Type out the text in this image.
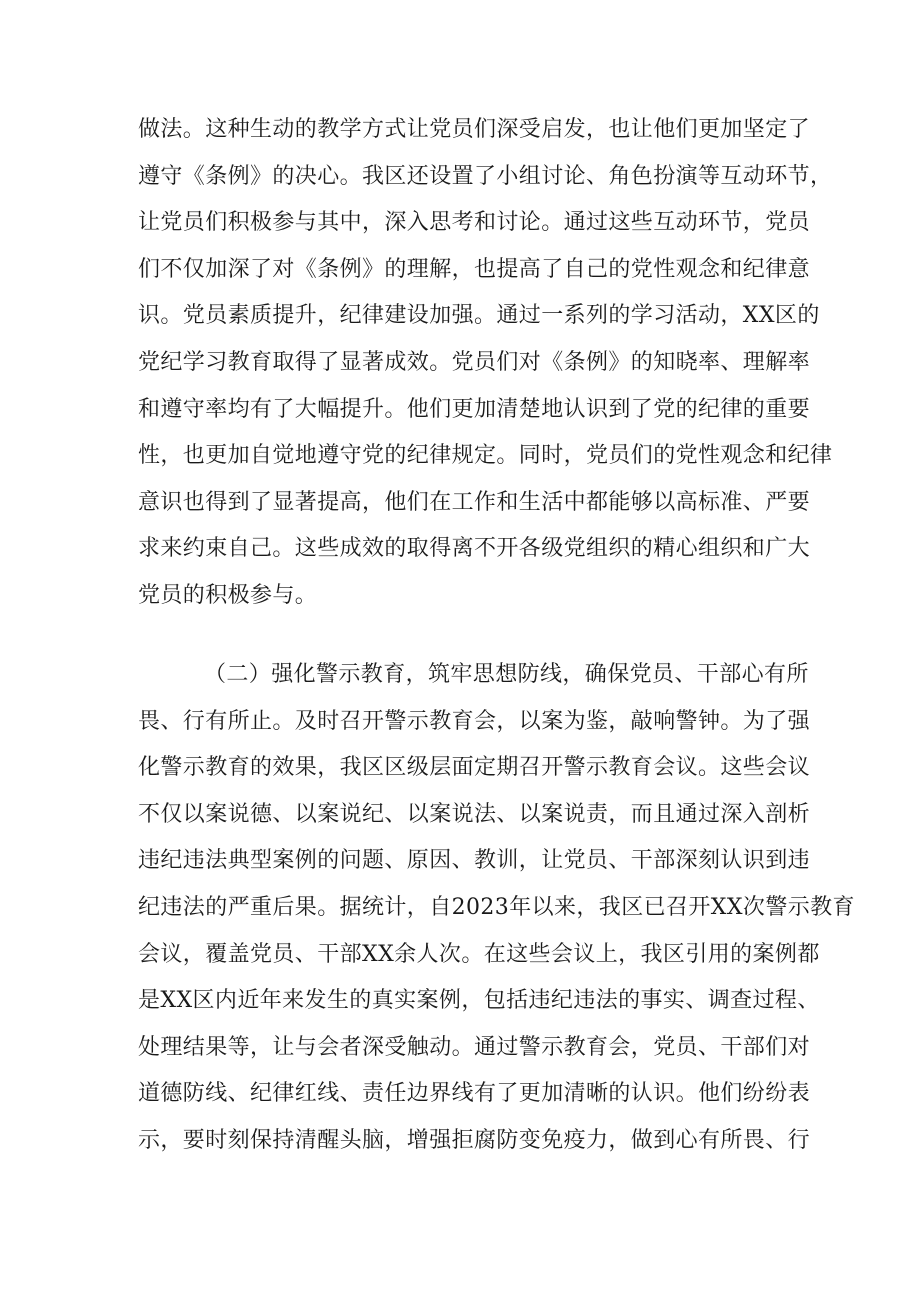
做法。这种生动的教学方式让党员们深受启发，也让他们更加坚定了
遵守《条例》的决心。我区还设置了小组讨论、角色扮演等互动环节，
让党员们积极参与其中，深入思考和讨论。通过这些互动环节，党员
们不仅加深了对《条例》的理解，也提高了自己的党性观念和纪律意
识。党员素质提升，纪律建设加强。通过一系列的学习活动，XX区的
党纪学习教育取得了显著成效。党员们对《条例》的知晓率、理解率
和遵守率均有了大幅提升。他们更加清楚地认识到了党的纪律的重要
性，也更加自觉地遵守党的纪律规定。同时，党员们的党性观念和纪律
意识也得到了显著提高，他们在工作和生活中都能够以高标准、严要
求来约束自己。这些成效的取得离不开各级党组织的精心组织和广大
党员的积极参与。
（二）强化警示教育，筑牢思想防线，确保党员、干部心有所
畏、行有所止。及时召开警示教育会，以案为鉴，敲响警钟。为了强
化警示教育的效果，我区区级层面定期召开警示教育会议。这些会议
不仅以案说德、以案说纪、以案说法、以案说责，而且通过深入剖析
违纪违法典型案例的问题、原因、教训，让党员、干部深刻认识到违
纪违法的严重后果。据统计，自2023年以来，我区已召开XX次警示教育
会议，覆盖党员、干部XX余人次。在这些会议上，我区引用的案例都
是XX区内近年来发生的真实案例，包括违纪违法的事实、调查过程、
处理结果等，让与会者深受触动。通过警示教育会，党员、干部们对
道德防线、纪律红线、责任边界线有了更加清晰的认识。他们纷纷表
示，要时刻保持清醒头脑，增强拒腐防变免疫力，做到心有所畏、行
